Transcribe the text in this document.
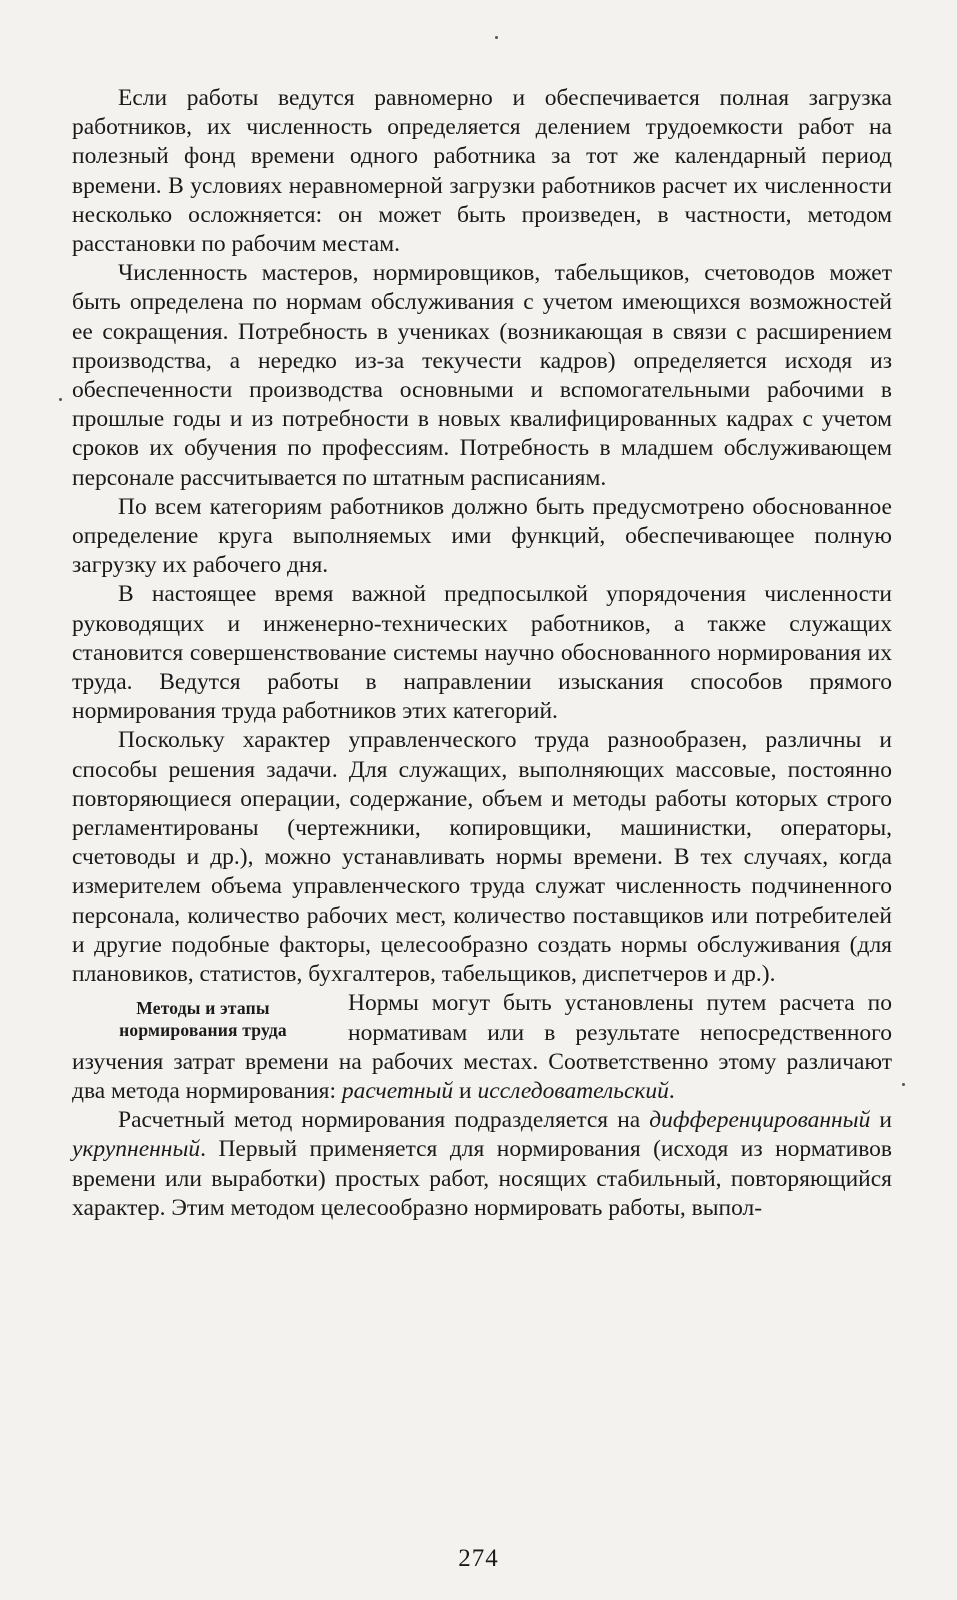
Если работы ведутся равномерно и обеспечивается полная загрузка работников, их численность определяется делением трудоемкости работ на полезный фонд времени одного работника за тот же календарный период времени. В условиях неравномерной загрузки работников расчет их численности несколько осложняется: он может быть произведен, в частности, методом расстановки по рабочим местам.

Численность мастеров, нормировщиков, табельщиков, счетоводов может быть определена по нормам обслуживания с учетом имеющихся возможностей ее сокращения. Потребность в учениках (возникающая в связи с расширением производства, а нередко из-за текучести кадров) определяется исходя из обеспеченности производства основными и вспомогательными рабочими в прошлые годы и из потребности в новых квалифицированных кадрах с учетом сроков их обучения по профессиям. Потребность в младшем обслуживающем персонале рассчитывается по штатным расписаниям.

По всем категориям работников должно быть предусмотрено обоснованное определение круга выполняемых ими функций, обеспечивающее полную загрузку их рабочего дня.

В настоящее время важной предпосылкой упорядочения численности руководящих и инженерно-технических работников, а также служащих становится совершенствование системы научно обоснованного нормирования их труда. Ведутся работы в направлении изыскания способов прямого нормирования труда работников этих категорий.

Поскольку характер управленческого труда разнообразен, различны и способы решения задачи. Для служащих, выполняющих массовые, постоянно повторяющиеся операции, содержание, объем и методы работы которых строго регламентированы (чертежники, копировщики, машинистки, операторы, счетоводы и др.), можно устанавливать нормы времени. В тех случаях, когда измерителем объема управленческого труда служат численность подчиненного персонала, количество рабочих мест, количество поставщиков или потребителей и другие подобные факторы, целесообразно создать нормы обслуживания (для плановиков, статистов, бухгалтеров, табельщиков, диспетчеров и др.).

Методы и этапы
нормирования труда

Нормы могут быть установлены путем расчета по нормативам или в результате непосредственного изучения затрат времени на рабочих местах. Соответственно этому различают два метода нормирования: расчетный и исследовательский.

Расчетный метод нормирования подразделяется на дифференцированный и укрупненный. Первый применяется для нормирования (исходя из нормативов времени или выработки) простых работ, носящих стабильный, повторяющийся характер. Этим методом целесообразно нормировать работы, выпол-

274
